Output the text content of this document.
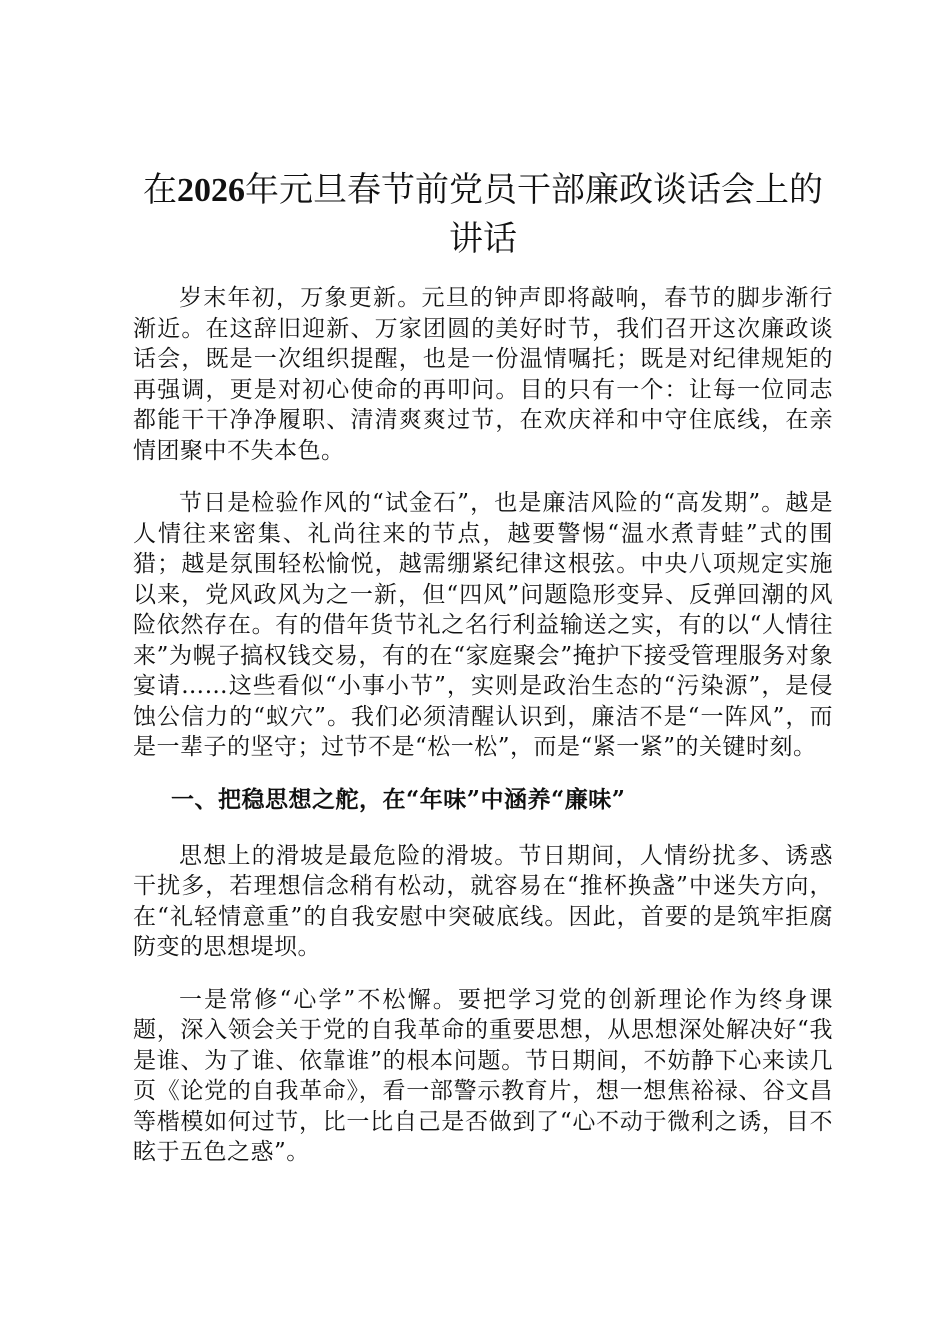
在2026年元旦春节前党员干部廉政谈话会上的讲话

岁末年初，万象更新。元旦的钟声即将敲响，春节的脚步渐行渐近。在这辞旧迎新、万家团圆的美好时节，我们召开这次廉政谈话会，既是一次组织提醒，也是一份温情嘱托；既是对纪律规矩的再强调，更是对初心使命的再叩问。目的只有一个：让每一位同志都能干干净净履职、清清爽爽过节，在欢庆祥和中守住底线，在亲情团聚中不失本色。

节日是检验作风的“试金石”，也是廉洁风险的“高发期”。越是人情往来密集、礼尚往来的节点，越要警惕“温水煮青蛙”式的围猎；越是氛围轻松愉悦，越需绷紧纪律这根弦。中央八项规定实施以来，党风政风为之一新，但“四风”问题隐形变异、反弹回潮的风险依然存在。有的借年货节礼之名行利益输送之实，有的以“人情往来”为幌子搞权钱交易，有的在“家庭聚会”掩护下接受管理服务对象宴请……这些看似“小事小节”，实则是政治生态的“污染源”，是侵蚀公信力的“蚁穴”。我们必须清醒认识到，廉洁不是“一阵风”，而是一辈子的坚守；过节不是“松一松”，而是“紧一紧”的关键时刻。

一、把稳思想之舵，在“年味”中涵养“廉味”

思想上的滑坡是最危险的滑坡。节日期间，人情纷扰多、诱惑干扰多，若理想信念稍有松动，就容易在“推杯换盏”中迷失方向，在“礼轻情意重”的自我安慰中突破底线。因此，首要的是筑牢拒腐防变的思想堤坝。

一是常修“心学”不松懈。要把学习党的创新理论作为终身课题，深入领会关于党的自我革命的重要思想，从思想深处解决好“我是谁、为了谁、依靠谁”的根本问题。节日期间，不妨静下心来读几页《论党的自我革命》，看一部警示教育片，想一想焦裕禄、谷文昌等楷模如何过节，比一比自己是否做到了“心不动于微利之诱，目不眩于五色之惑”。
